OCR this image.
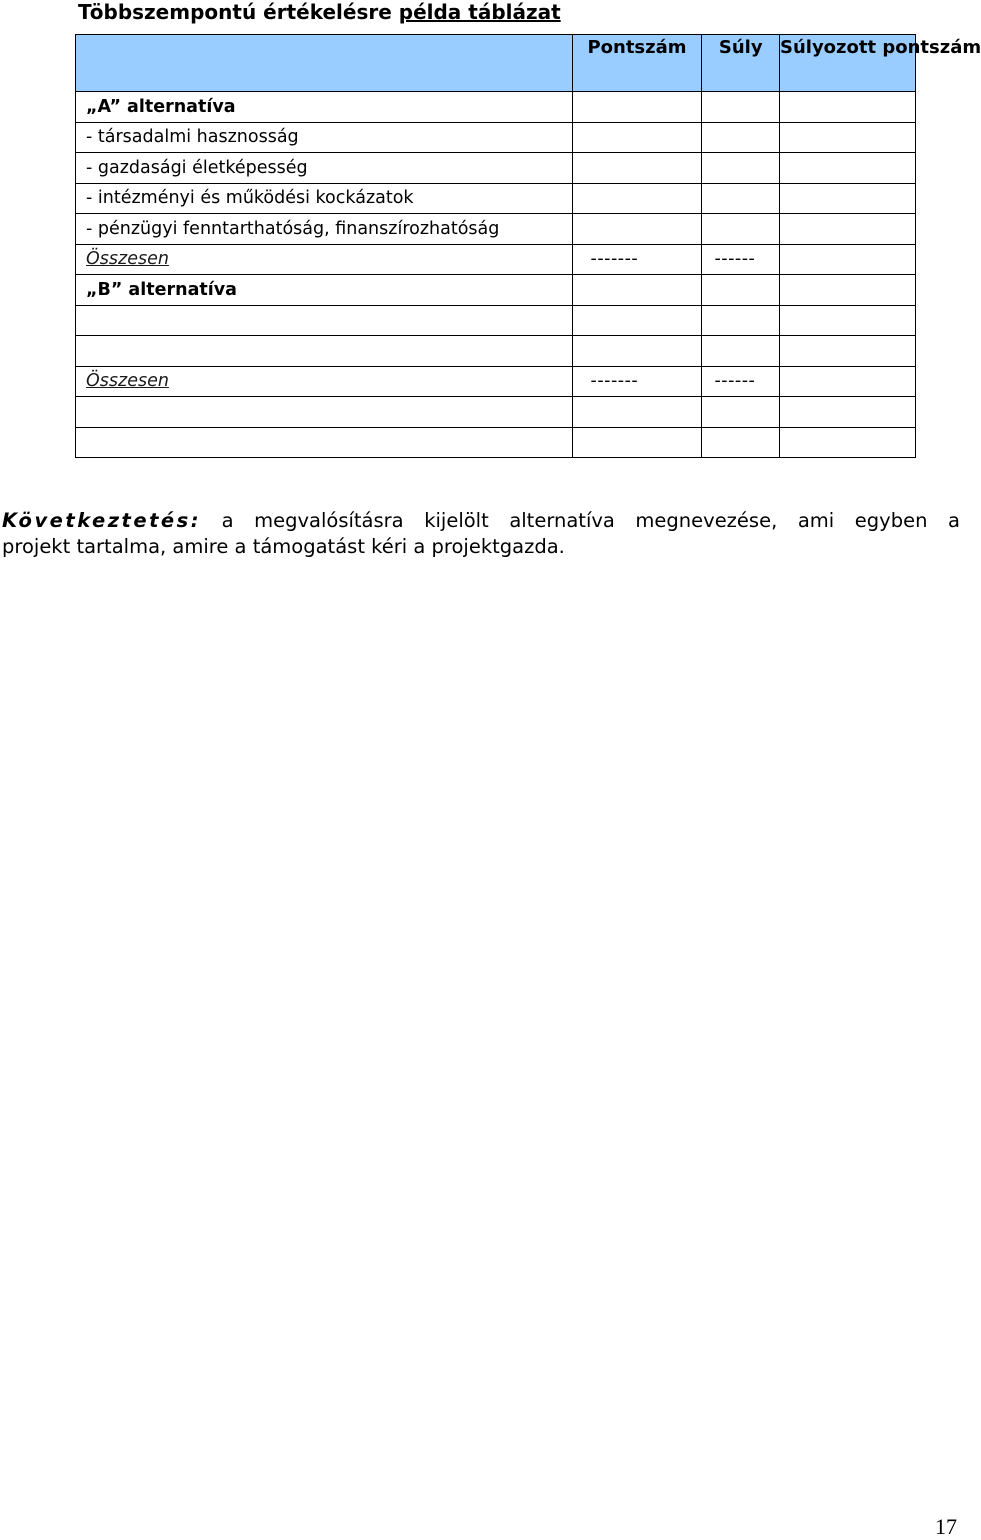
Többszempontú értékelésre példa táblázat
	Pontszám	Súly	Súlyozott pontszám
„A” alternatíva			
- társadalmi hasznosság			
- gazdasági életképesség			
- intézményi és működési kockázatok			
- pénzügyi fenntarthatóság, finanszírozhatóság			
Összesen	-------	------	
„B” alternatíva			

Összesen	-------	------	

Következtetés: a megvalósításra kijelölt alternatíva megnevezése, ami egyben a
projekt tartalma, amire a támogatást kéri a projektgazda.
17
